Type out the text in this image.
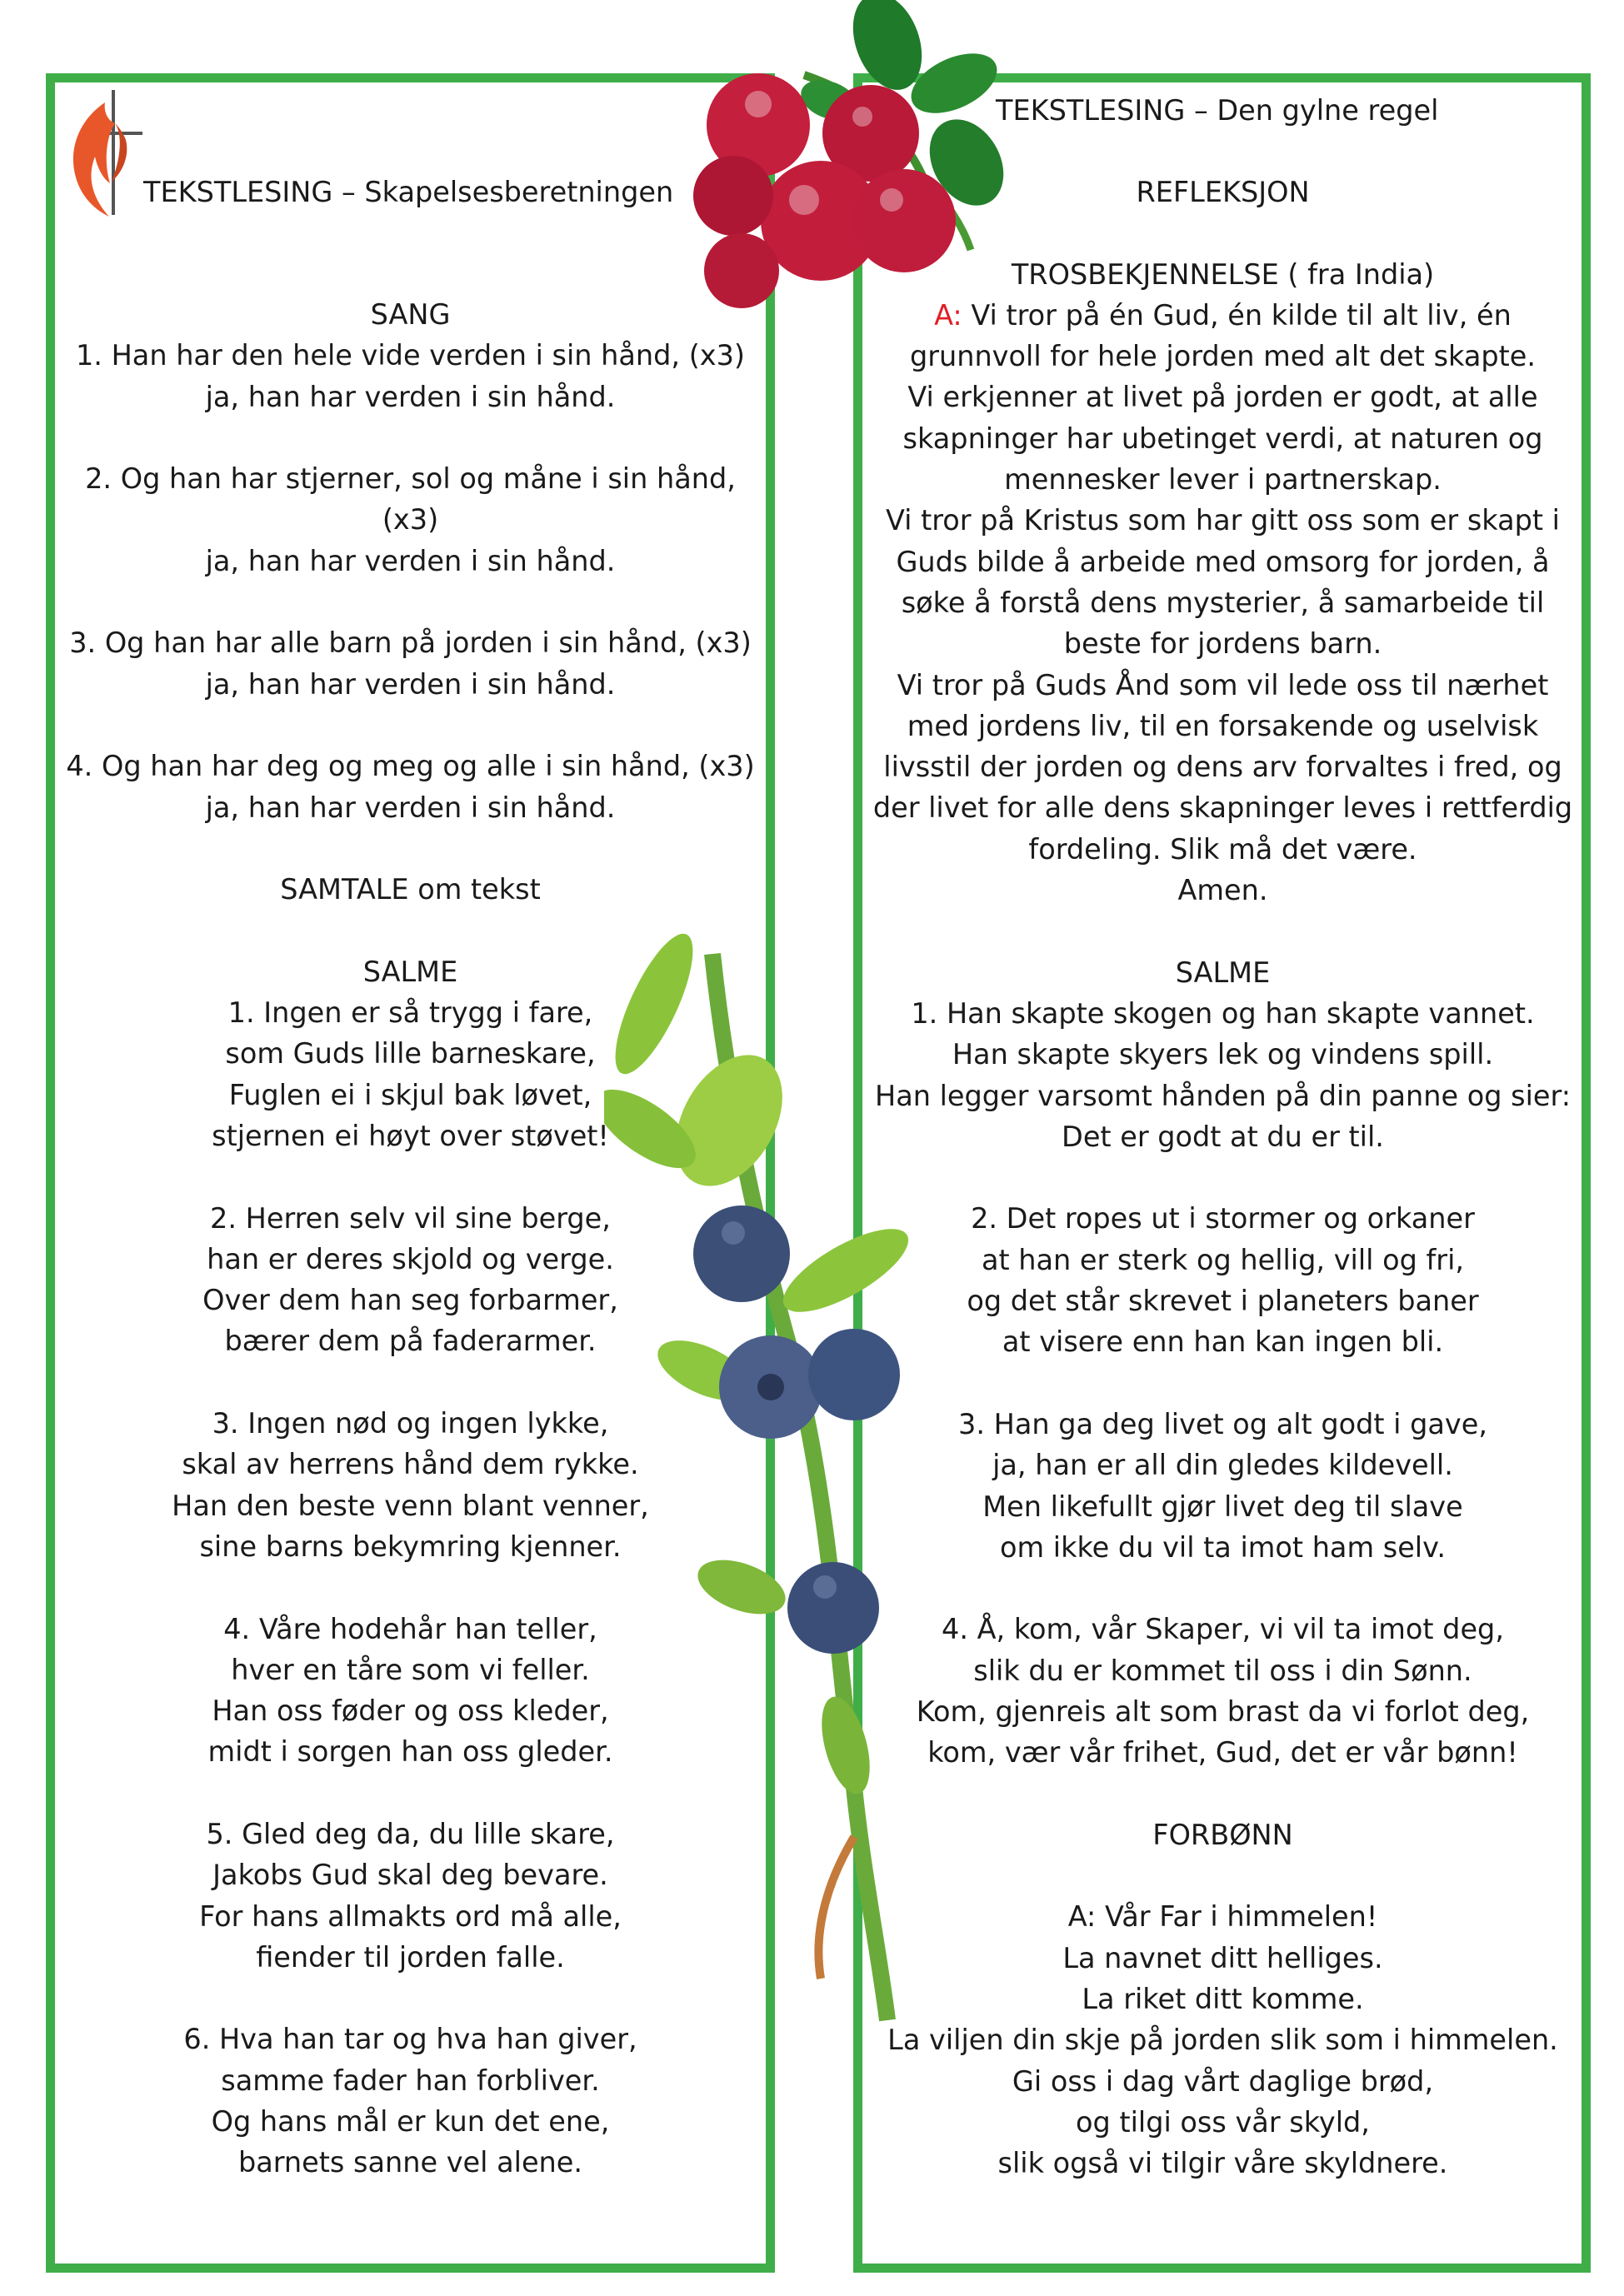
TEKSTLESING – Skapelsesberetningen
TEKSTLESING – Den gylne regel
SANG
1. Han har den hele vide verden i sin hånd, (x3)
ja, han har verden i sin hånd.
2. Og han har stjerner, sol og måne i sin hånd,
(x3)
ja, han har verden i sin hånd.
3. Og han har alle barn på jorden i sin hånd, (x3)
ja, han har verden i sin hånd.
4. Og han har deg og meg og alle i sin hånd, (x3)
ja, han har verden i sin hånd.
SAMTALE om tekst
SALME
1. Ingen er så trygg i fare,
som Guds lille barneskare,
Fuglen ei i skjul bak løvet,
stjernen ei høyt over støvet!
2. Herren selv vil sine berge,
han er deres skjold og verge.
Over dem han seg forbarmer,
bærer dem på faderarmer.
3. Ingen nød og ingen lykke,
skal av herrens hånd dem rykke.
Han den beste venn blant venner,
sine barns bekymring kjenner.
4. Våre hodehår han teller,
hver en tåre som vi feller.
Han oss føder og oss kleder,
midt i sorgen han oss gleder.
5. Gled deg da, du lille skare,
Jakobs Gud skal deg bevare.
For hans allmakts ord må alle,
fiender til jorden falle.
6. Hva han tar og hva han giver,
samme fader han forbliver.
Og hans mål er kun det ene,
barnets sanne vel alene.
REFLEKSJON
TROSBEKJENNELSE ( fra India)
A: Vi tror på én Gud, én kilde til alt liv, én
grunnvoll for hele jorden med alt det skapte.
Vi erkjenner at livet på jorden er godt, at alle
skapninger har ubetinget verdi, at naturen og
mennesker lever i partnerskap.
Vi tror på Kristus som har gitt oss som er skapt i
Guds bilde å arbeide med omsorg for jorden, å
søke å forstå dens mysterier, å samarbeide til
beste for jordens barn.
Vi tror på Guds Ånd som vil lede oss til nærhet
med jordens liv, til en forsakende og uselvisk
livsstil der jorden og dens arv forvaltes i fred, og
der livet for alle dens skapninger leves i rettferdig
fordeling. Slik må det være.
Amen.
SALME
1. Han skapte skogen og han skapte vannet.
Han skapte skyers lek og vindens spill.
Han legger varsomt hånden på din panne og sier:
Det er godt at du er til.
2. Det ropes ut i stormer og orkaner
at han er sterk og hellig, vill og fri,
og det står skrevet i planeters baner
at visere enn han kan ingen bli.
3. Han ga deg livet og alt godt i gave,
ja, han er all din gledes kildevell.
Men likefullt gjør livet deg til slave
om ikke du vil ta imot ham selv.
4. Å, kom, vår Skaper, vi vil ta imot deg,
slik du er kommet til oss i din Sønn.
Kom, gjenreis alt som brast da vi forlot deg,
kom, vær vår frihet, Gud, det er vår bønn!
FORBØNN
A: Vår Far i himmelen!
La navnet ditt helliges.
La riket ditt komme.
La viljen din skje på jorden slik som i himmelen.
Gi oss i dag vårt daglige brød,
og tilgi oss vår skyld,
slik også vi tilgir våre skyldnere.
